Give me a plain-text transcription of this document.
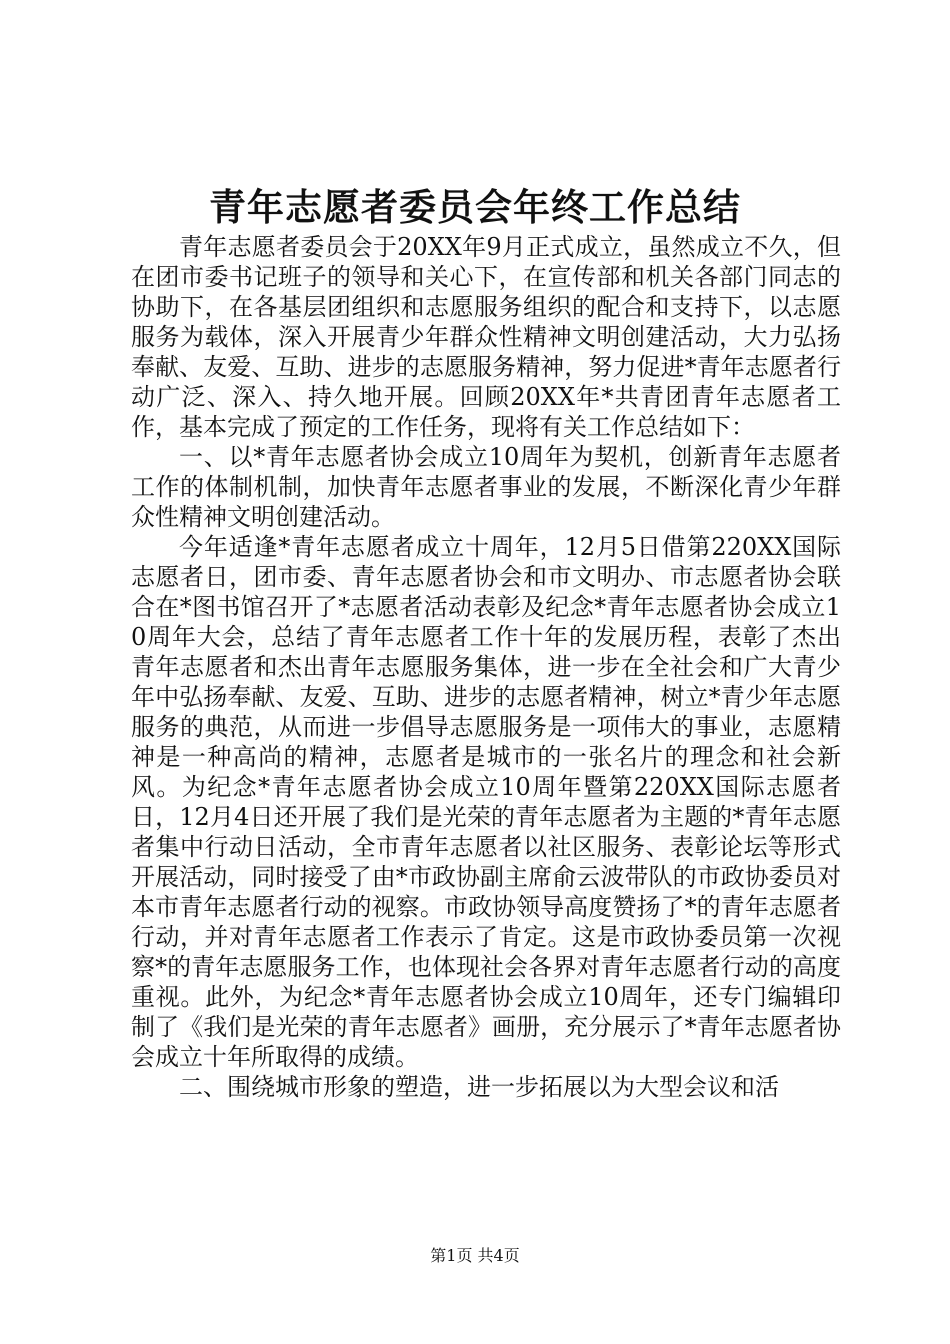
青年志愿者委员会年终工作总结

青年志愿者委员会于20XX年9月正式成立，虽然成立不久，但在团市委书记班子的领导和关心下，在宣传部和机关各部门同志的协助下，在各基层团组织和志愿服务组织的配合和支持下，以志愿服务为载体，深入开展青少年群众性精神文明创建活动，大力弘扬奉献、友爱、互助、进步的志愿服务精神，努力促进*青年志愿者行动广泛、深入、持久地开展。回顾20XX年*共青团青年志愿者工作，基本完成了预定的工作任务，现将有关工作总结如下：

一、以*青年志愿者协会成立10周年为契机，创新青年志愿者工作的体制机制，加快青年志愿者事业的发展，不断深化青少年群众性精神文明创建活动。

今年适逢*青年志愿者成立十周年，12月5日借第220XX国际志愿者日，团市委、青年志愿者协会和市文明办、市志愿者协会联合在*图书馆召开了*志愿者活动表彰及纪念*青年志愿者协会成立10周年大会，总结了青年志愿者工作十年的发展历程，表彰了杰出青年志愿者和杰出青年志愿服务集体，进一步在全社会和广大青少年中弘扬奉献、友爱、互助、进步的志愿者精神，树立*青少年志愿服务的典范，从而进一步倡导志愿服务是一项伟大的事业，志愿精神是一种高尚的精神，志愿者是城市的一张名片的理念和社会新风。为纪念*青年志愿者协会成立10周年暨第220XX国际志愿者日，12月4日还开展了我们是光荣的青年志愿者为主题的*青年志愿者集中行动日活动，全市青年志愿者以社区服务、表彰论坛等形式开展活动，同时接受了由*市政协副主席俞云波带队的市政协委员对本市青年志愿者行动的视察。市政协领导高度赞扬了*的青年志愿者行动，并对青年志愿者工作表示了肯定。这是市政协委员第一次视察*的青年志愿服务工作，也体现社会各界对青年志愿者行动的高度重视。此外，为纪念*青年志愿者协会成立10周年，还专门编辑印制了《我们是光荣的青年志愿者》画册，充分展示了*青年志愿者协会成立十年所取得的成绩。

二、围绕城市形象的塑造，进一步拓展以为大型会议和活

第1页 共4页
